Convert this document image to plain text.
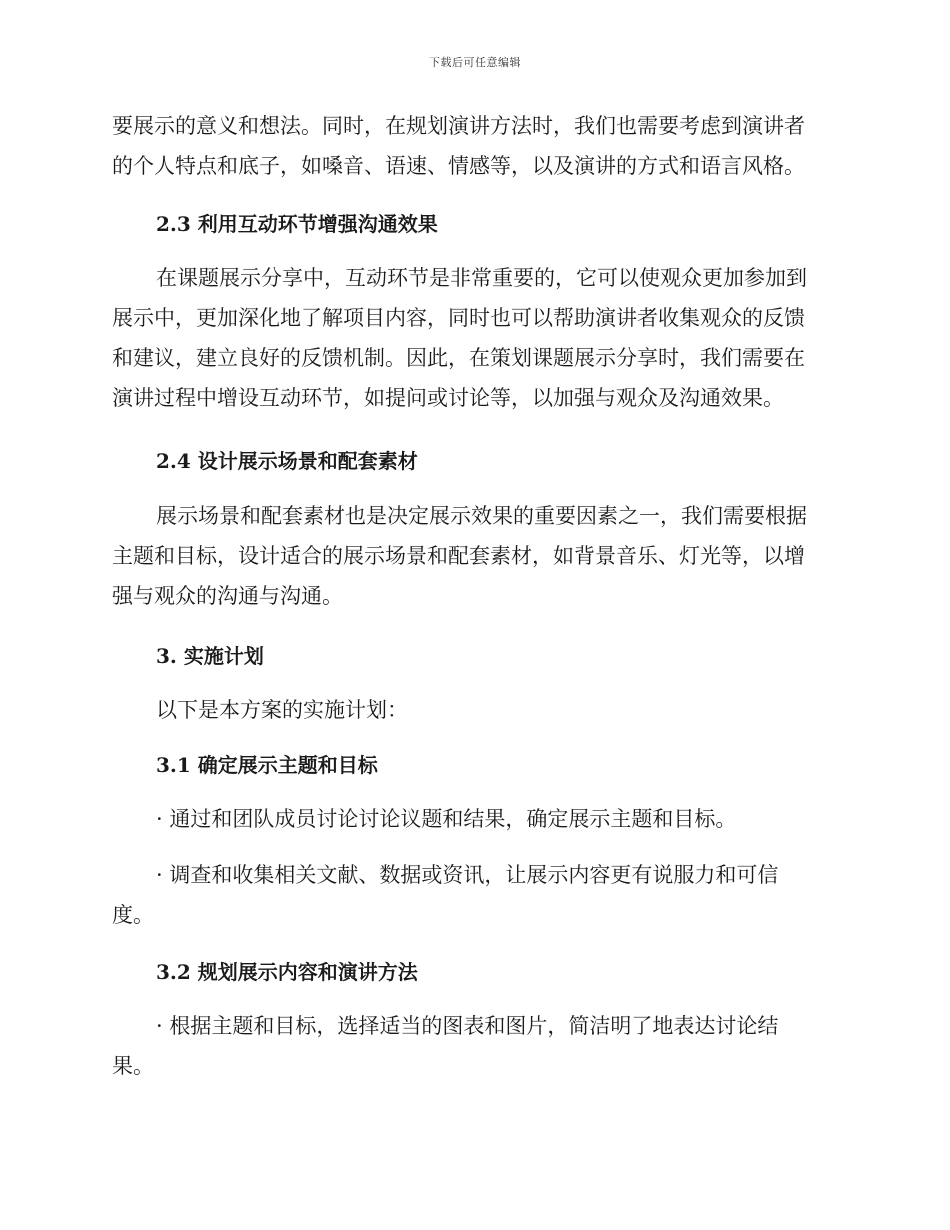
下载后可任意编辑
要展示的意义和想法。同时，在规划演讲方法时，我们也需要考虑到演讲者
的个人特点和底子，如嗓音、语速、情感等，以及演讲的方式和语言风格。
2.3 利用互动环节增强沟通效果
在课题展示分享中，互动环节是非常重要的，它可以使观众更加参加到
展示中，更加深化地了解项目内容，同时也可以帮助演讲者收集观众的反馈
和建议，建立良好的反馈机制。因此，在策划课题展示分享时，我们需要在
演讲过程中增设互动环节，如提问或讨论等，以加强与观众及沟通效果。
2.4 设计展示场景和配套素材
展示场景和配套素材也是决定展示效果的重要因素之一，我们需要根据
主题和目标，设计适合的展示场景和配套素材，如背景音乐、灯光等，以增
强与观众的沟通与沟通。
3. 实施计划
以下是本方案的实施计划：
3.1 确定展示主题和目标
· 通过和团队成员讨论讨论议题和结果，确定展示主题和目标。
· 调查和收集相关文献、数据或资讯，让展示内容更有说服力和可信
度。
3.2 规划展示内容和演讲方法
· 根据主题和目标，选择适当的图表和图片，简洁明了地表达讨论结
果。
